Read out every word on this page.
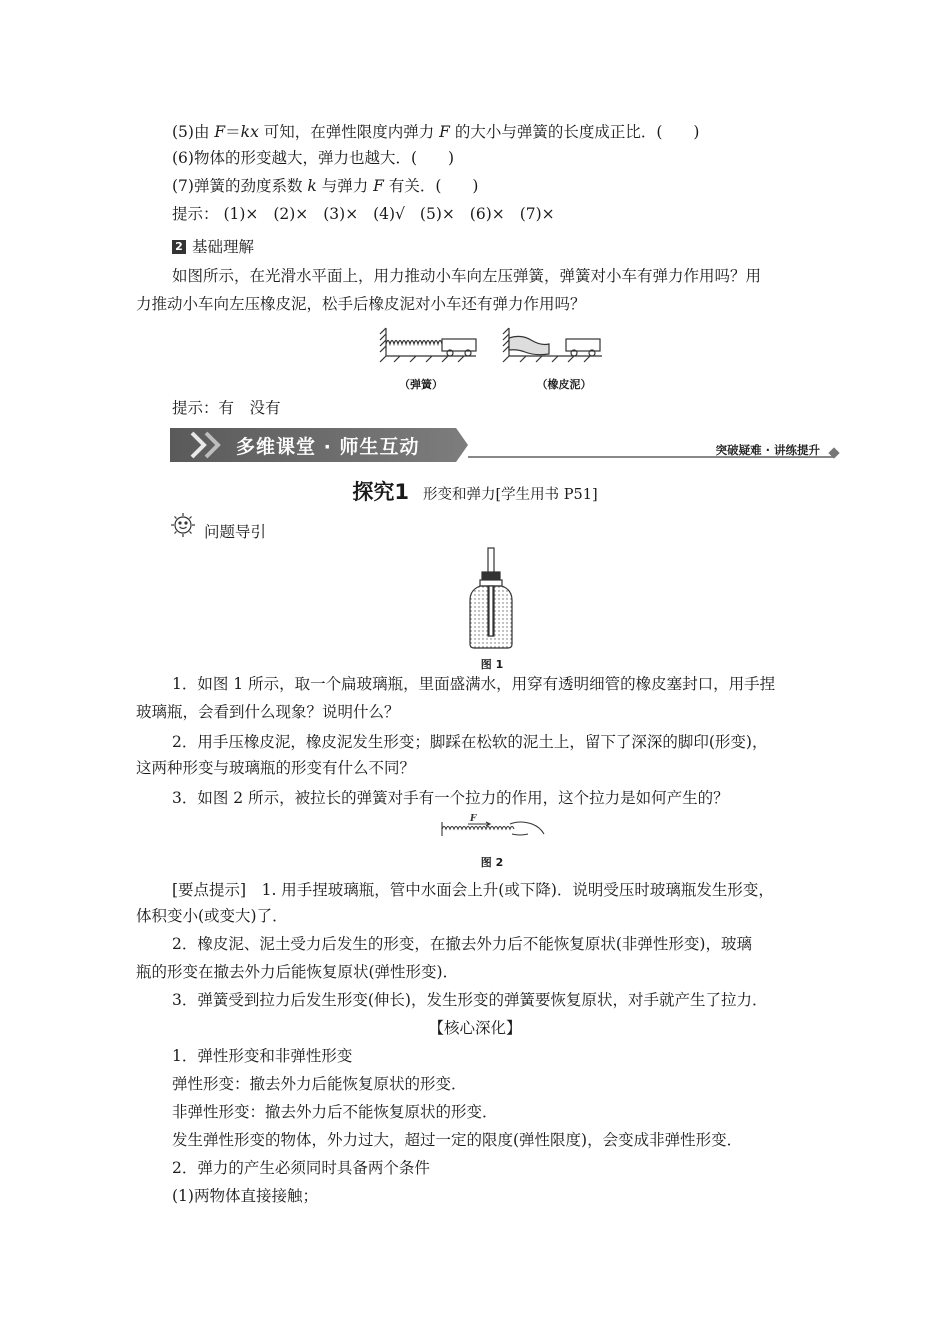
(5)由 F＝kx 可知，在弹性限度内弹力 F 的大小与弹簧的长度成正比．(　　)
(6)物体的形变越大，弹力也越大．(　　)
(7)弹簧的劲度系数 k 与弹力 F 有关．(　　)
提示： (1)× (2)× (3)× (4)√ (5)× (6)× (7)×
2 基础理解
如图所示，在光滑水平面上，用力推动小车向左压弹簧，弹簧对小车有弹力作用吗？用
力推动小车向左压橡皮泥，松手后橡皮泥对小车还有弹力作用吗？
（弹簧）	（橡皮泥）
提示：有　没有
多维课堂 · 师生互动	突破疑难 · 讲练提升
探究1 形变和弹力[学生用书 P51]
问题导引
图 1
1．如图 1 所示，取一个扁玻璃瓶，里面盛满水，用穿有透明细管的橡皮塞封口，用手捏
玻璃瓶，会看到什么现象？说明什么？
2．用手压橡皮泥，橡皮泥发生形变；脚踩在松软的泥土上，留下了深深的脚印(形变)，
这两种形变与玻璃瓶的形变有什么不同？
3．如图 2 所示，被拉长的弹簧对手有一个拉力的作用，这个拉力是如何产生的？
F
图 2
[要点提示]　1. 用手捏玻璃瓶，管中水面会上升(或下降)．说明受压时玻璃瓶发生形变，
体积变小(或变大)了．
2．橡皮泥、泥土受力后发生的形变，在撤去外力后不能恢复原状(非弹性形变)，玻璃
瓶的形变在撤去外力后能恢复原状(弹性形变)．
3．弹簧受到拉力后发生形变(伸长)，发生形变的弹簧要恢复原状，对手就产生了拉力．
【核心深化】
1．弹性形变和非弹性形变
弹性形变：撤去外力后能恢复原状的形变．
非弹性形变：撤去外力后不能恢复原状的形变．
发生弹性形变的物体，外力过大，超过一定的限度(弹性限度)，会变成非弹性形变．
2．弹力的产生必须同时具备两个条件
(1)两物体直接接触；
